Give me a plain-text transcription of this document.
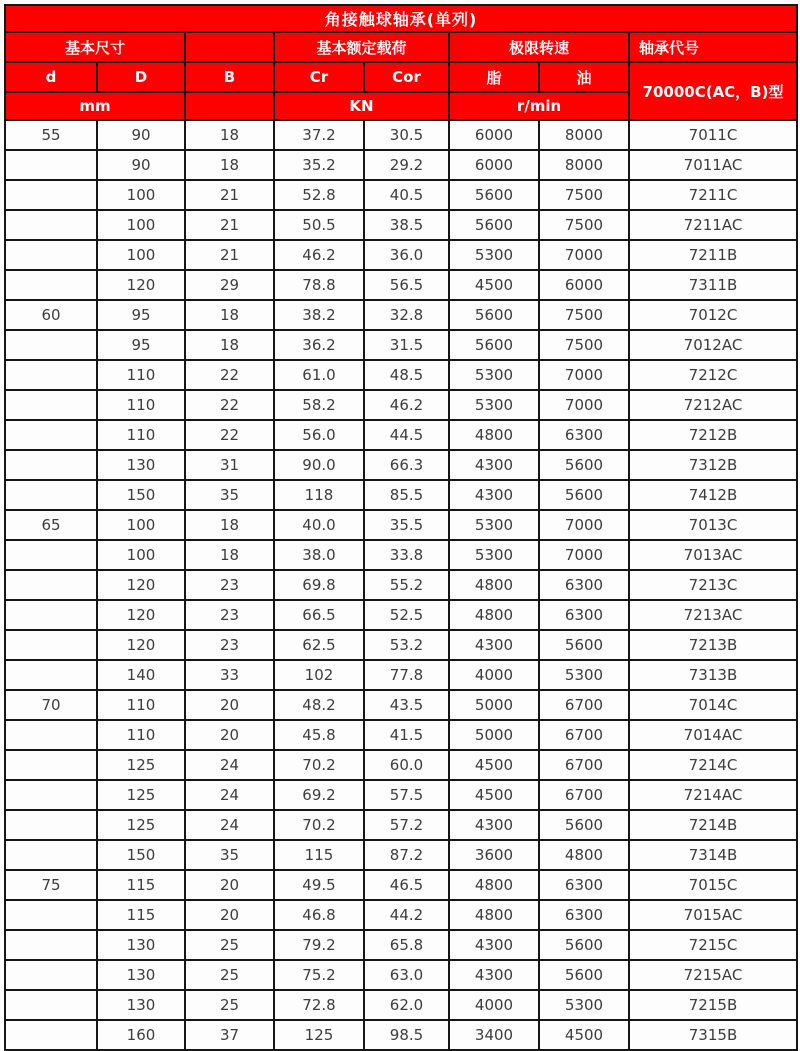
角接触球轴承(单列)							
基本尺寸			基本额定载荷		极限转速		轴承代号
d	D	B	Cr	Cor	脂	油	70000C(AC，B)型
mm			KN		r/min		
55	90	18	37.2	30.5	6000	8000	7011C
	90	18	35.2	29.2	6000	8000	7011AC
	100	21	52.8	40.5	5600	7500	7211C
	100	21	50.5	38.5	5600	7500	7211AC
	100	21	46.2	36.0	5300	7000	7211B
	120	29	78.8	56.5	4500	6000	7311B
60	95	18	38.2	32.8	5600	7500	7012C
	95	18	36.2	31.5	5600	7500	7012AC
	110	22	61.0	48.5	5300	7000	7212C
	110	22	58.2	46.2	5300	7000	7212AC
	110	22	56.0	44.5	4800	6300	7212B
	130	31	90.0	66.3	4300	5600	7312B
	150	35	118	85.5	4300	5600	7412B
65	100	18	40.0	35.5	5300	7000	7013C
	100	18	38.0	33.8	5300	7000	7013AC
	120	23	69.8	55.2	4800	6300	7213C
	120	23	66.5	52.5	4800	6300	7213AC
	120	23	62.5	53.2	4300	5600	7213B
	140	33	102	77.8	4000	5300	7313B
70	110	20	48.2	43.5	5000	6700	7014C
	110	20	45.8	41.5	5000	6700	7014AC
	125	24	70.2	60.0	4500	6700	7214C
	125	24	69.2	57.5	4500	6700	7214AC
	125	24	70.2	57.2	4300	5600	7214B
	150	35	115	87.2	3600	4800	7314B
75	115	20	49.5	46.5	4800	6300	7015C
	115	20	46.8	44.2	4800	6300	7015AC
	130	25	79.2	65.8	4300	5600	7215C
	130	25	75.2	63.0	4300	5600	7215AC
	130	25	72.8	62.0	4000	5300	7215B
	160	37	125	98.5	3400	4500	7315B
